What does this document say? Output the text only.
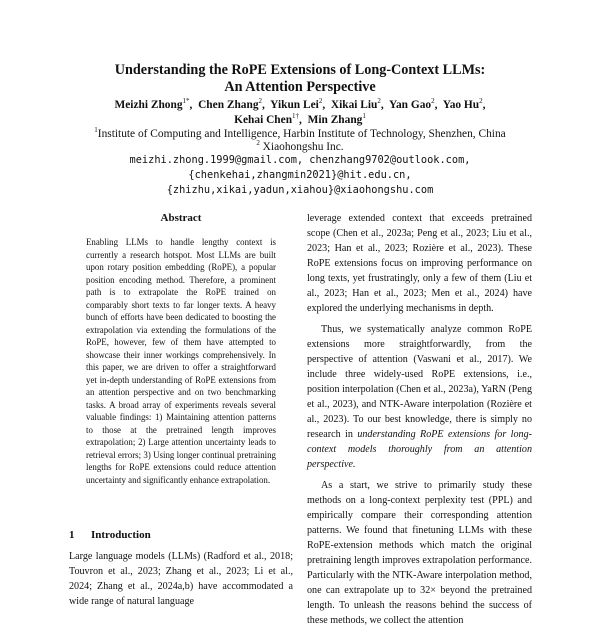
Understanding the RoPE Extensions of Long-Context LLMs:
An Attention Perspective
Meizhi Zhong$^{1*}$,  Chen Zhang$^2$,  Yikun Lei$^2$,  Xikai Liu$^2$,  Yan Gao$^2$,  Yao Hu$^2$,
Kehai Chen$^{1\dagger}$,  Min Zhang$^1$
$^1$Institute of Computing and Intelligence, Harbin Institute of Technology, Shenzhen, China
$^2$ Xiaohongshu Inc.
meizhi.zhong.1999@gmail.com, chenzhang9702@outlook.com,
{chenkehai,zhangmin2021}@hit.edu.cn,
{zhizhu,xikai,yadun,xiahou}@xiaohongshu.com
Abstract

Enabling LLMs to handle lengthy context is currently a research hotspot. Most LLMs are built upon rotary position embedding (RoPE), a popular position encoding method. Therefore, a prominent path is to extrapolate the RoPE trained on comparably short texts to far longer texts. A heavy bunch of efforts have been dedicated to boosting the extrapolation via extending the formulations of the RoPE, however, few of them have attempted to showcase their inner workings comprehensively. In this paper, we are driven to offer a straightforward yet in-depth understanding of RoPE extensions from an attention perspective and on two benchmarking tasks. A broad array of experiments reveals several valuable findings: 1) Maintaining attention patterns to those at the pretrained length improves extrapolation; 2) Large attention uncertainty leads to retrieval errors; 3) Using longer continual pretraining lengths for RoPE extensions could reduce attention uncertainty and significantly enhance extrapolation.

1 Introduction

Large language models (LLMs) (Radford et al., 2018; Touvron et al., 2023; Zhang et al., 2023; Li et al., 2024; Zhang et al., 2024a,b) have accommodated a wide range of natural language

leverage extended context that exceeds pretrained scope (Chen et al., 2023a; Peng et al., 2023; Liu et al., 2023; Han et al., 2023; Rozière et al., 2023). These RoPE extensions focus on improving performance on long texts, yet frustratingly, only a few of them (Liu et al., 2023; Han et al., 2023; Men et al., 2024) have explored the underlying mechanisms in depth.

Thus, we systematically analyze common RoPE extensions more straightforwardly, from the perspective of attention (Vaswani et al., 2017). We include three widely-used RoPE extensions, i.e., position interpolation (Chen et al., 2023a), YaRN (Peng et al., 2023), and NTK-Aware interpolation (Rozière et al., 2023). To our best knowledge, there is simply no research in understanding RoPE extensions for long-context models thoroughly from an attention perspective.

As a start, we strive to primarily study these methods on a long-context perplexity test (PPL) and empirically compare their corresponding attention patterns. We found that finetuning LLMs with these RoPE-extension methods which match the original pretraining length improves extrapolation performance. Particularly with the NTK-Aware interpolation method, one can extrapolate up to 32× beyond the pretrained length. To unleash the reasons behind the success of these methods, we collect the attention
